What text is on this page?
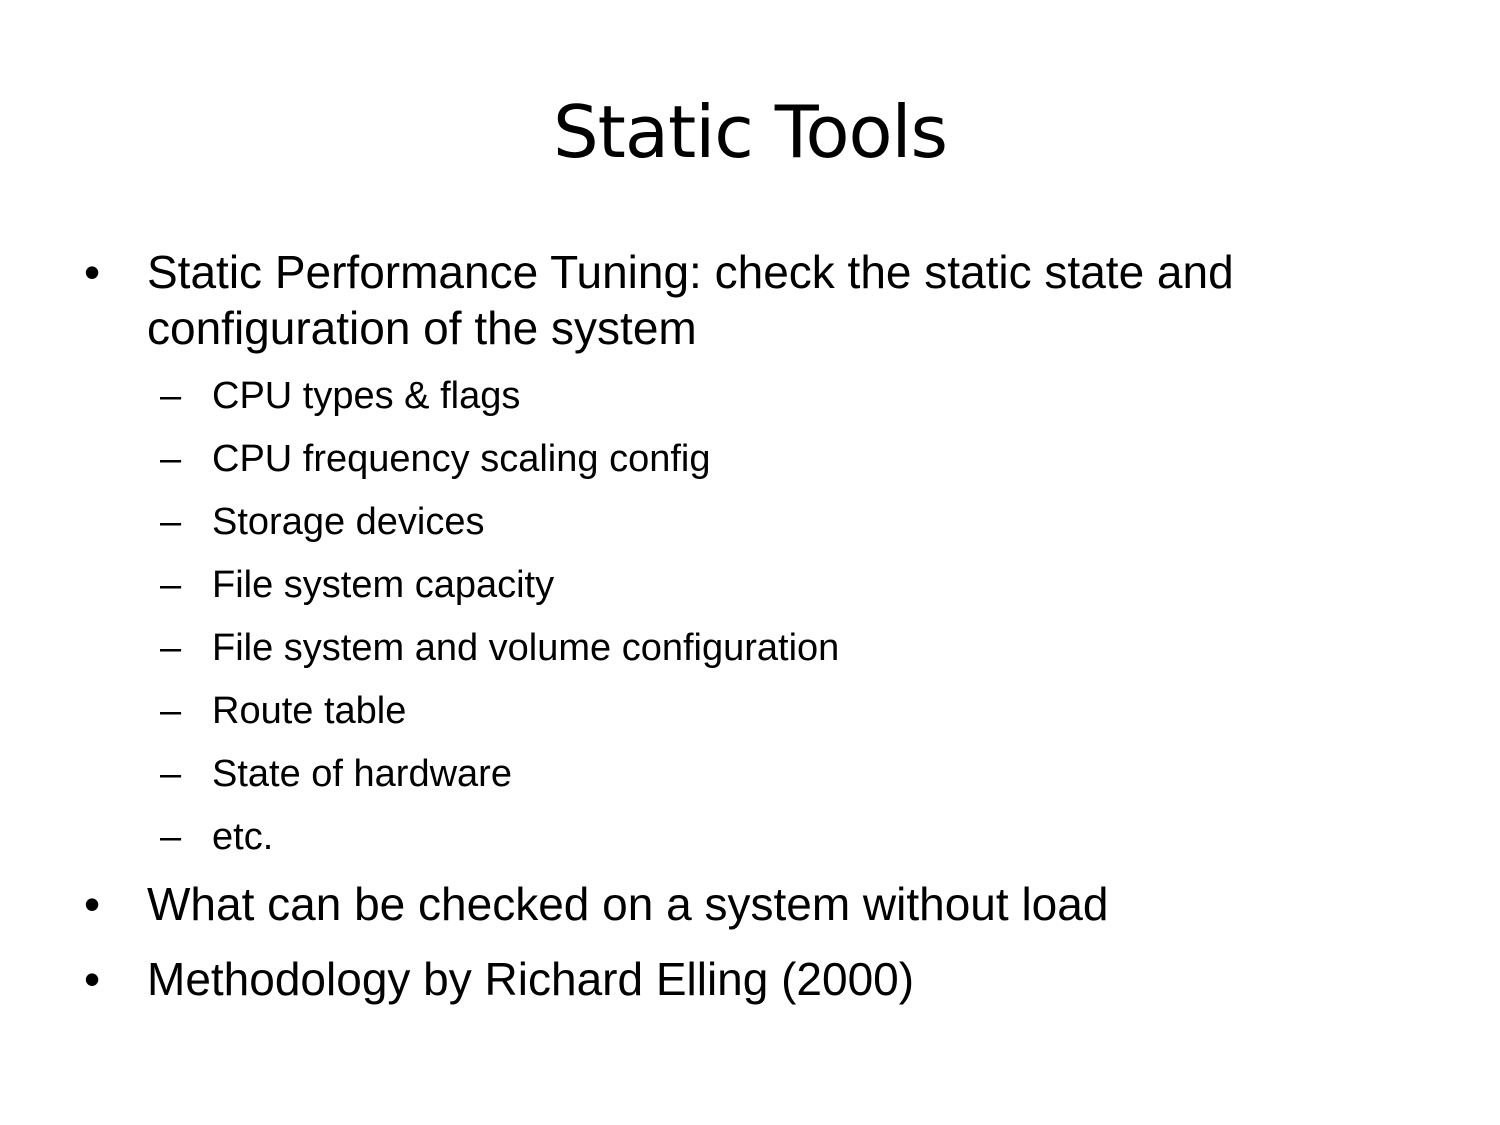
Static Tools
•	Static Performance Tuning: check the static state and configuration of the system
– CPU types & flags
– CPU frequency scaling config
– Storage devices
– File system capacity
– File system and volume configuration
– Route table
– State of hardware
– etc.
•	What can be checked on a system without load
•	Methodology by Richard Elling (2000)
